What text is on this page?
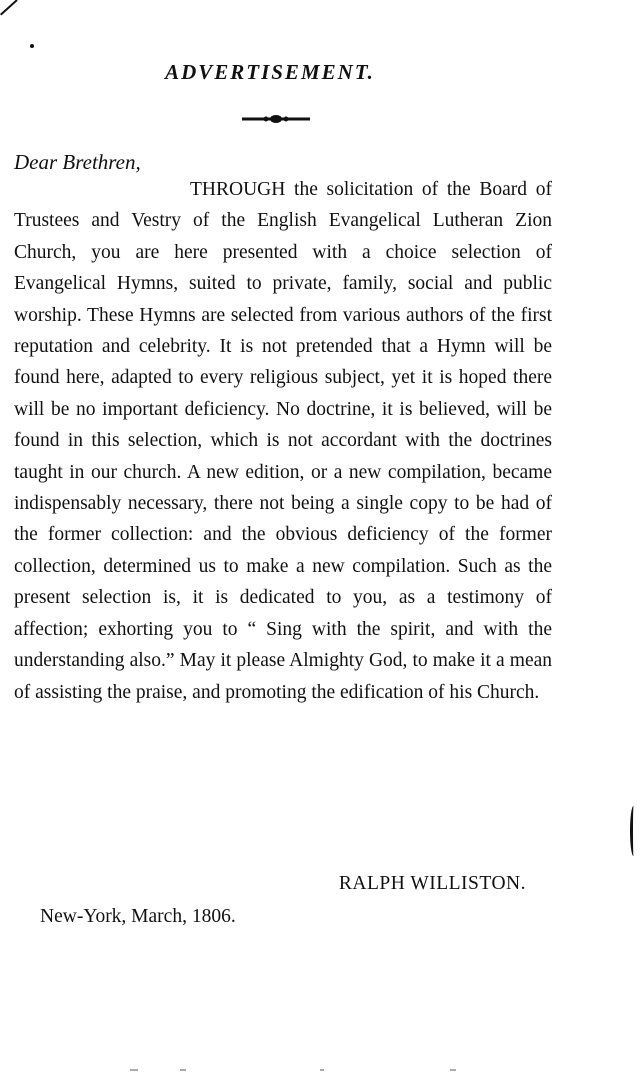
ADVERTISEMENT.
Dear Brethren,

THROUGH the solicitation of the Board of Trustees and Vestry of the English Evangelical Lutheran Zion Church, you are here presented with a choice selection of Evangelical Hymns, suited to private, family, social and public worship. These Hymns are selected from various authors of the first reputation and celebrity. It is not pretended that a Hymn will be found here, adapted to every religious subject, yet it is hoped there will be no important deficiency. No doctrine, it is believed, will be found in this selection, which is not accordant with the doctrines taught in our church. A new edition, or a new compilation, became indispensably necessary, there not being a single copy to be had of the former collection: and the obvious deficiency of the former collection, determined us to make a new compilation. Such as the present selection is, it is dedicated to you, as a testimony of affection; exhorting you to “ Sing with the spirit, and with the understanding also.” May it please Almighty God, to make it a mean of assisting the praise, and promoting the edification of his Church.

RALPH WILLISTON.
New-York, March, 1806.
